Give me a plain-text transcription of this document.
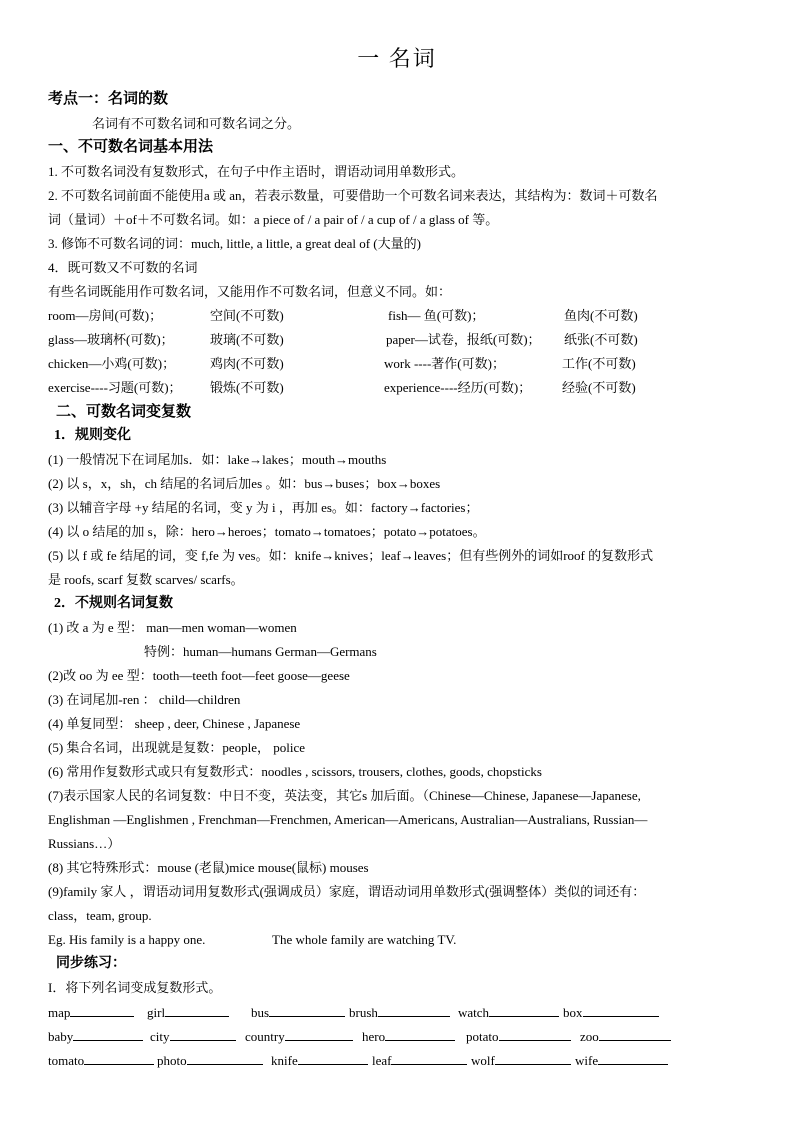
一 名词
考点一：名词的数
名词有不可数名词和可数名词之分。
一、不可数名词基本用法
1. 不可数名词没有复数形式，在句子中作主语时，谓语动词用单数形式。
2. 不可数名词前面不能使用a 或 an，若表示数量，可要借助一个可数名词来表达，其结构为：数词＋可数名
词（量词）＋of＋不可数名词。如：a piece of / a pair of / a cup of / a glass of 等。
3. 修饰不可数名词的词：much, little, a little, a great deal of (大量的)
4．既可数又不可数的名词
有些名词既能用作可数名词，又能用作不可数名词，但意义不同。如：
room—房间(可数)；	空间(不可数)	fish— 鱼(可数)；	鱼肉(不可数)
glass—玻璃杯(可数)；	玻璃(不可数)	paper—试卷，报纸(可数)； 纸张(不可数)
chicken—小鸡(可数)；	鸡肉(不可数)	work ----著作(可数)；	工作(不可数)
exercise----习题(可数)； 锻炼(不可数)	experience----经历(可数)； 经验(不可数)
二、可数名词变复数
1．规则变化
(1) 一般情况下在词尾加s．如：lake→lakes；mouth→mouths
(2) 以 s，x，sh，ch 结尾的名词后加es 。如：bus→buses；box→boxes
(3) 以辅音字母 +y 结尾的名词，变 y 为 i ，再加 es。如：factory→factories；
(4) 以 o 结尾的加 s，除：hero→heroes；tomato→tomatoes；potato→potatoes。
(5) 以 f 或 fe 结尾的词，变 f,fe 为 ves。如：knife→knives；leaf→leaves；但有些例外的词如roof 的复数形式
是 roofs, scarf 复数 scarves/ scarfs。
2．不规则名词复数
(1) 改 a 为 e 型： man—men woman—women
特例：human—humans German—Germans
(2)改 oo 为 ee 型：tooth—teeth foot—feet goose—geese
(3) 在词尾加-ren ： child—children
(4) 单复同型： sheep , deer, Chinese , Japanese
(5) 集合名词，出现就是复数：people， police
(6) 常用作复数形式或只有复数形式：noodles , scissors, trousers, clothes, goods, chopsticks
(7)表示国家人民的名词复数：中日不变，英法变，其它s 加后面。（Chinese—Chinese, Japanese—Japanese,
Englishman —Englishmen , Frenchman—Frenchmen, American—Americans, Australian—Australians, Russian—
Russians…）
(8) 其它特殊形式：mouse (老鼠)mice mouse(鼠标) mouses
(9)family 家人 ，谓语动词用复数形式(强调成员）家庭，谓语动词用单数形式(强调整体）类似的词还有：
class，team, group.
Eg. His family is a happy one.	The whole family are watching TV.
同步练习：
I．将下列名词变成复数形式。
map	girl	bus	brush	watch	box
baby	city	country	hero	potato	zoo
tomato	photo	knife	leaf	wolf	wife
